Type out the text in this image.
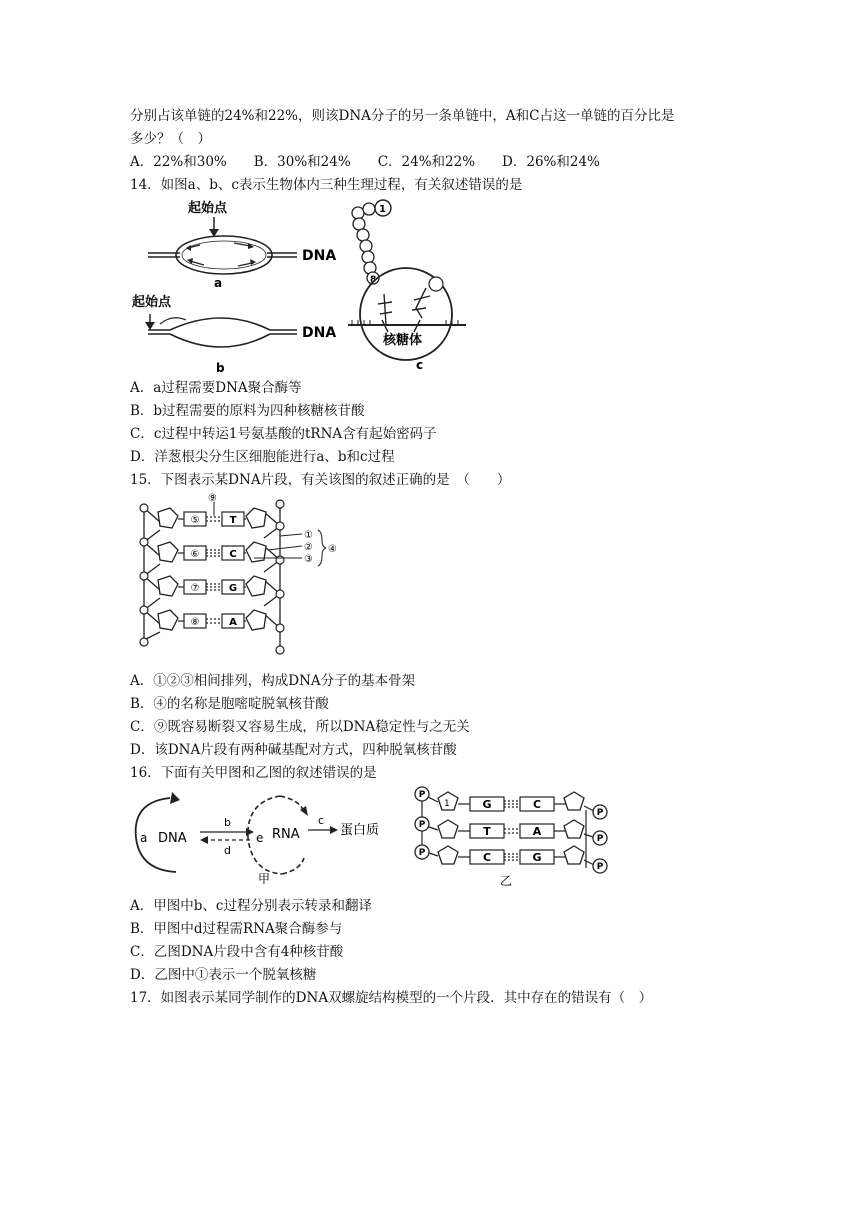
分别占该单链的24%和22%，则该DNA分子的另一条单链中，A和C占这一单链的百分比是
多少？（　）
A．22%和30%　　B．30%和24%　　C．24%和22%　　D．26%和24%
14．如图a、b、c表示生物体内三种生理过程，有关叙述错误的是
起始点
DNA
a
起始点
DNA
b
1
8
核糖体
c
A．a过程需要DNA聚合酶等
B．b过程需要的原料为四种核糖核苷酸
C．c过程中转运1号氨基酸的tRNA含有起始密码子
D．洋葱根尖分生区细胞能进行a、b和c过程
15．下图表示某DNA片段，有关该图的叙述正确的是　（　　）
⑤
⑥
⑦
⑧
T
C
G
A
⑨
①
②
③
④
A．①②③相间排列，构成DNA分子的基本骨架
B．④的名称是胞嘧啶脱氧核苷酸
C．⑨既容易断裂又容易生成，所以DNA稳定性与之无关
D．该DNA片段有两种碱基配对方式，四种脱氧核苷酸
16．下面有关甲图和乙图的叙述错误的是
a DNA
b
d
e RNA
c
蛋白质
甲
P
P
P
1	G
T
C
C
A
G
P
P
P
乙
A．甲图中b、c过程分别表示转录和翻译
B．甲图中d过程需RNA聚合酶参与
C．乙图DNA片段中含有4种核苷酸
D．乙图中①表示一个脱氧核糖
17．如图表示某同学制作的DNA双螺旋结构模型的一个片段．其中存在的错误有（　）
